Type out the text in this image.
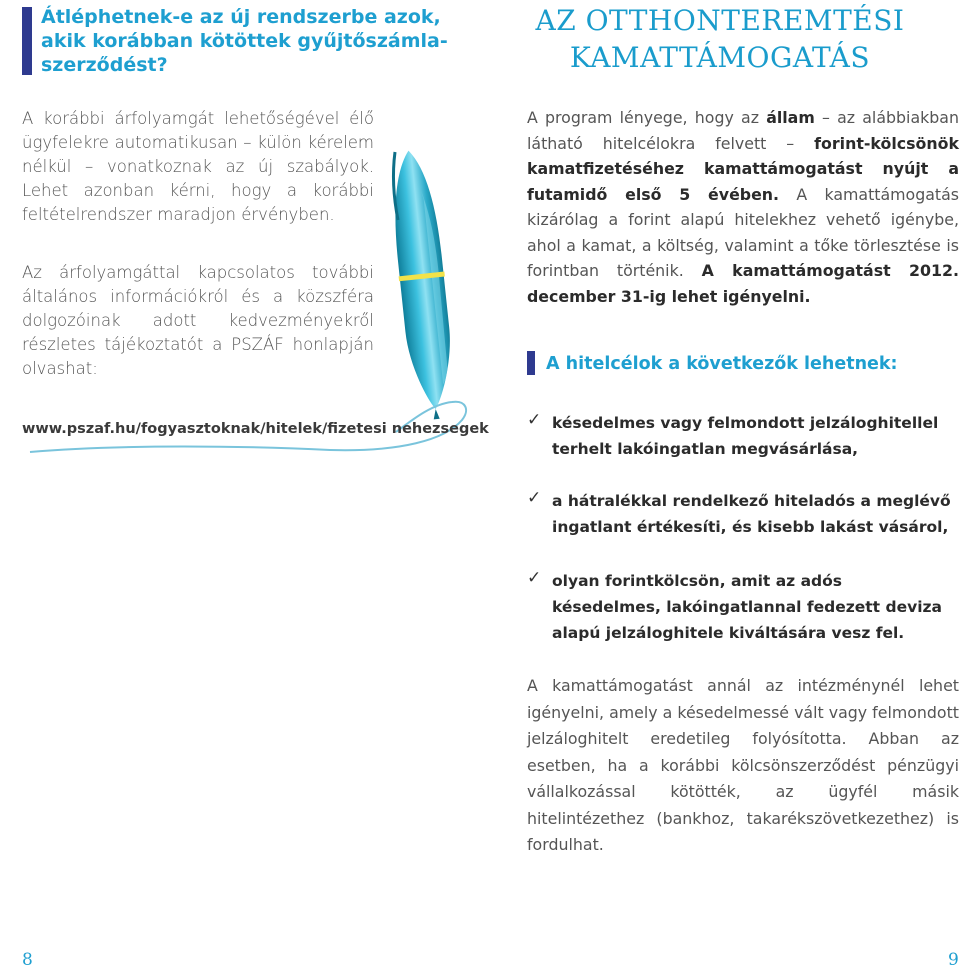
Átléphetnek-e az új rendszerbe azok, akik korábban kötöttek gyűjtőszámla-szerződést?
A korábbi árfolyamgát lehetőségével élő ügyfelekre automatikusan – külön kérelem nélkül – vonatkoznak az új szabályok. Lehet azonban kérni, hogy a korábbi feltételrendszer maradjon érvényben.
Az árfolyamgáttal kapcsolatos további általános információkról és a közszféra dolgozóinak adott kedvezményekről részletes tájékoztatót a PSZÁF honlapján olvashat:
www.pszaf.hu/fogyasztoknak/hitelek/fizetesi nehezsegek
8
AZ OTTHONTEREMTÉSI
KAMATTÁMOGATÁS
A program lényege, hogy az állam – az alábbiakban látható hitelcélokra felvett – forint-kölcsönök kamatfizetéséhez kamattámogatást nyújt a futamidő első 5 évében. A kamattámogatás kizárólag a forint alapú hitelekhez vehető igénybe, ahol a kamat, a költség, valamint a tőke törlesztése is forintban történik. A kamattámogatást 2012. december 31-ig lehet igényelni.
A hitelcélok a következők lehetnek:
✓ késedelmes vagy felmondott jelzáloghitellel terhelt lakóingatlan megvásárlása,
✓ a hátralékkal rendelkező hiteladós a meglévő ingatlant értékesíti, és kisebb lakást vásárol,
✓ olyan forintkölcsön, amit az adós késedelmes, lakóingatlannal fedezett deviza alapú jelzáloghitele kiváltására vesz fel.
A kamattámogatást annál az intézménynél lehet igényelni, amely a késedelmessé vált vagy felmondott jelzáloghitelt eredetileg folyósította. Abban az esetben, ha a korábbi kölcsönszerződést pénzügyi vállalkozással kötötték, az ügyfél másik hitelintézethez (bankhoz, takarékszövetkezethez) is fordulhat.
9
